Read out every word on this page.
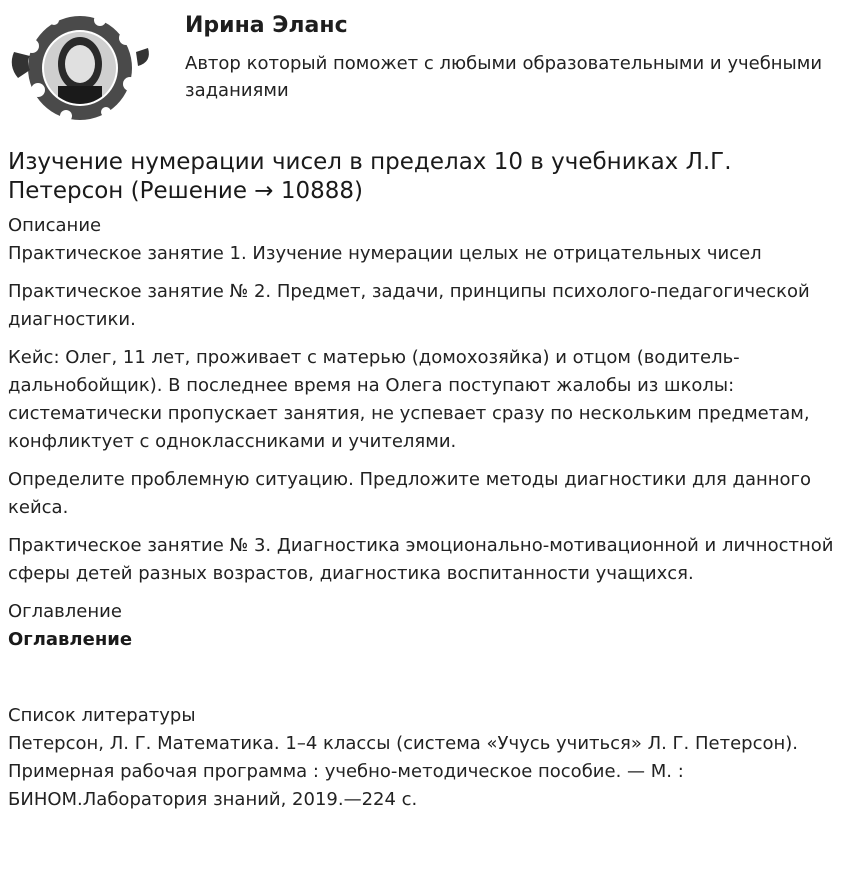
Ирина Эланс

Автор который поможет с любыми образовательными и учебными заданиями

Изучение нумерации чисел в пределах 10 в учебниках Л.Г. Петерсон (Решение → 10888)

Описание

Практическое занятие 1. Изучение нумерации целых не отрицательных чисел

Практическое занятие № 2. Предмет, задачи, принципы психолого-педагогической диагностики.

Кейс: Олег, 11 лет, проживает с матерью (домохозяйка) и отцом (водитель-дальнобойщик). В последнее время на Олега поступают жалобы из школы: систематически пропускает занятия, не успевает сразу по нескольким предметам, конфликтует с одноклассниками и учителями.

Определите проблемную ситуацию. Предложите методы диагностики для данного кейса.

Практическое занятие № 3. Диагностика эмоционально-мотивационной и личностной сферы детей разных возрастов, диагностика воспитанности учащихся.

Оглавление

Оглавление

Список литературы

Петерсон, Л. Г. Математика. 1–4 классы (система «Учусь учиться» Л. Г. Петерсон). Примерная рабочая программа : учебно-методическое пособие. — М. : БИНОМ.Лаборатория знаний, 2019.—224 с.
